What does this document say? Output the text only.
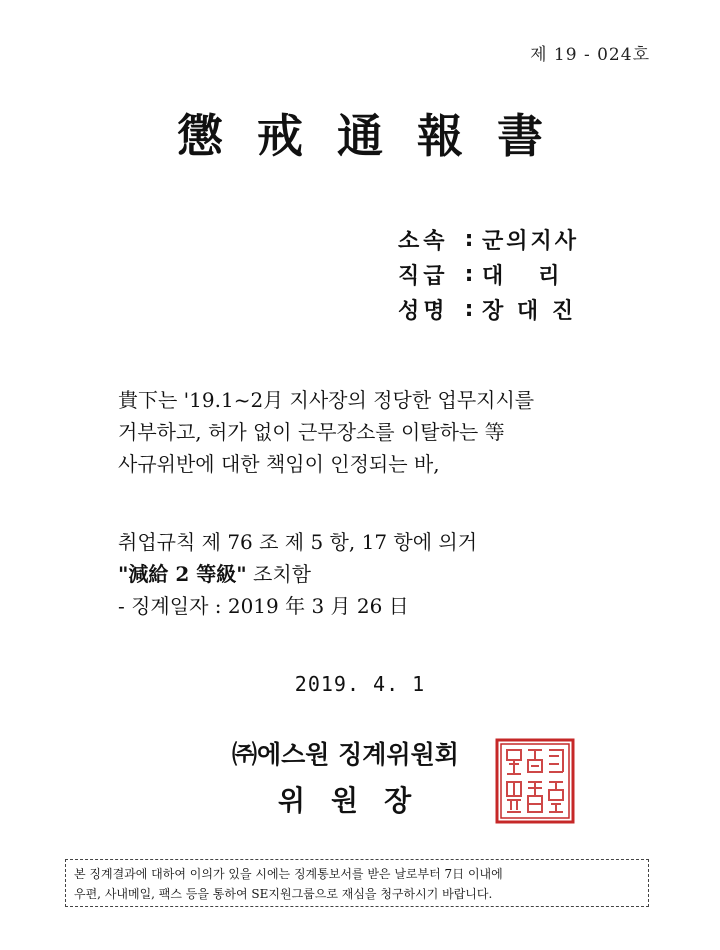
제 19 - 024호
懲 戒 通 報 書
소속 : 군의지사
직급 : 대   리
성명 : 장 대 진
貴下는 '19.1~2月 지사장의 정당한 업무지시를
거부하고, 허가 없이 근무장소를 이탈하는 等
사규위반에 대한 책임이 인정되는 바,
취업규칙 제 76 조 제 5 항, 17 항에 의거
"減給 2 等級" 조치함
- 징계일자 : 2019 年 3 月 26 日
2019. 4. 1
㈜에스원 징계위원회
위원장
본 징계결과에 대하여 이의가 있을 시에는 징계통보서를 받은 날로부터 7日 이내에
우편, 사내메일, 팩스 등을 통하여 SE지원그룹으로 재심을 청구하시기 바랍니다.
